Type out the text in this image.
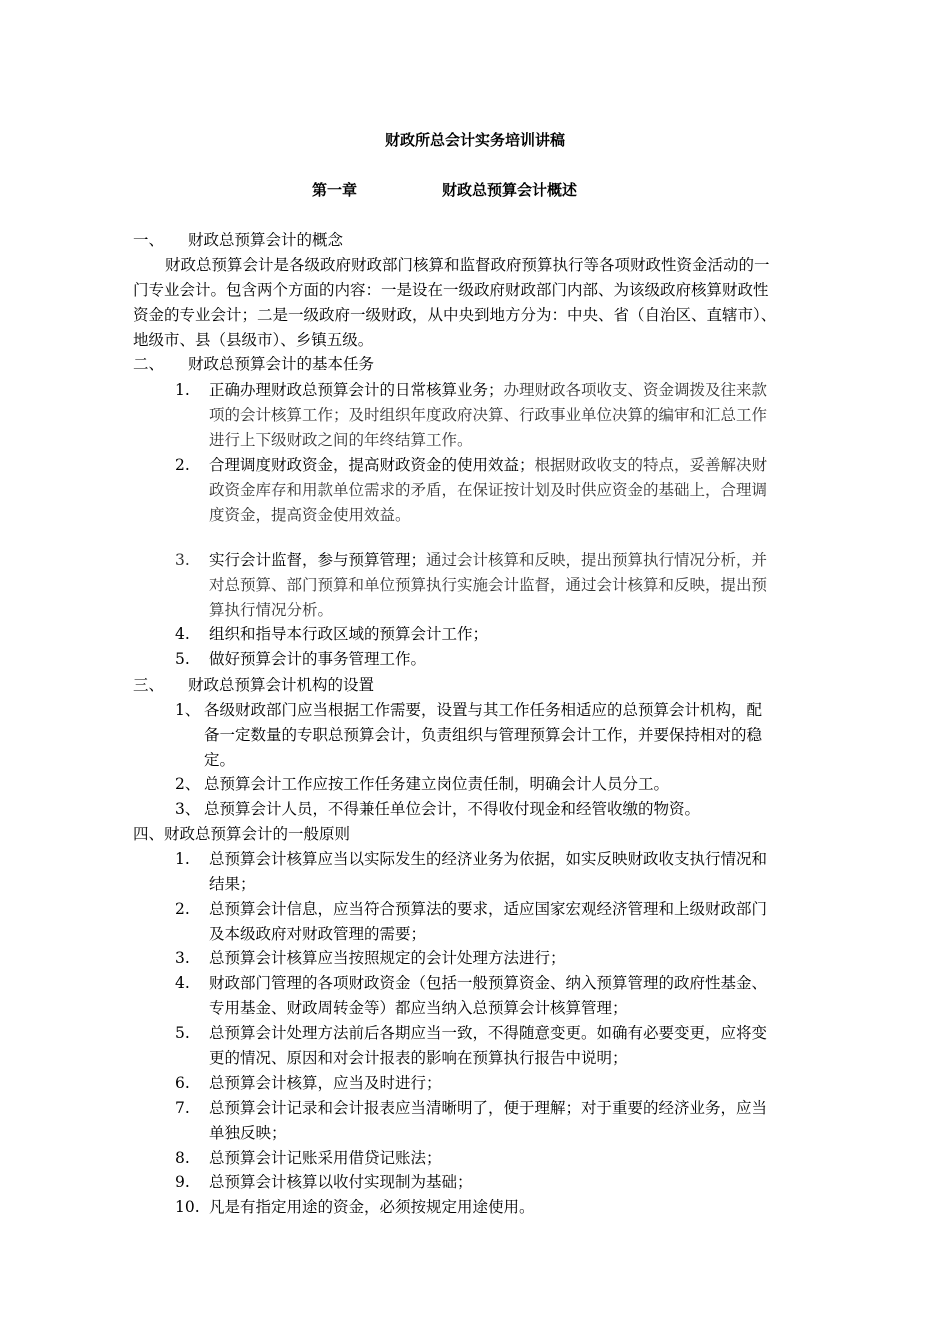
财政所总会计实务培训讲稿
第一章	财政总预算会计概述
一、 财政总预算会计的概念
财政总预算会计是各级政府财政部门核算和监督政府预算执行等各项财政性资金活动的一
门专业会计。包含两个方面的内容：一是设在一级政府财政部门内部、为该级政府核算财政性
资金的专业会计；二是一级政府一级财政，从中央到地方分为：中央、省（自治区、直辖市）、
地级市、县（县级市）、乡镇五级。
二、 财政总预算会计的基本任务
1. 正确办理财政总预算会计的日常核算业务；办理财政各项收支、资金调拨及往来款
项的会计核算工作；及时组织年度政府决算、行政事业单位决算的编审和汇总工作
进行上下级财政之间的年终结算工作。
2. 合理调度财政资金，提高财政资金的使用效益；根据财政收支的特点，妥善解决财
政资金库存和用款单位需求的矛盾，在保证按计划及时供应资金的基础上，合理调
度资金，提高资金使用效益。
3. 实行会计监督，参与预算管理；通过会计核算和反映，提出预算执行情况分析，并
对总预算、部门预算和单位预算执行实施会计监督，通过会计核算和反映，提出预
算执行情况分析。
4. 组织和指导本行政区域的预算会计工作；
5. 做好预算会计的事务管理工作。
三、 财政总预算会计机构的设置
1、 各级财政部门应当根据工作需要，设置与其工作任务相适应的总预算会计机构，配
备一定数量的专职总预算会计，负责组织与管理预算会计工作，并要保持相对的稳
定。
2、 总预算会计工作应按工作任务建立岗位责任制，明确会计人员分工。
3、 总预算会计人员，不得兼任单位会计，不得收付现金和经管收缴的物资。
四、财政总预算会计的一般原则
1. 总预算会计核算应当以实际发生的经济业务为依据，如实反映财政收支执行情况和
结果；
2. 总预算会计信息，应当符合预算法的要求，适应国家宏观经济管理和上级财政部门
及本级政府对财政管理的需要；
3. 总预算会计核算应当按照规定的会计处理方法进行；
4. 财政部门管理的各项财政资金（包括一般预算资金、纳入预算管理的政府性基金、
专用基金、财政周转金等）都应当纳入总预算会计核算管理；
5. 总预算会计处理方法前后各期应当一致，不得随意变更。如确有必要变更，应将变
更的情况、原因和对会计报表的影响在预算执行报告中说明；
6. 总预算会计核算，应当及时进行；
7. 总预算会计记录和会计报表应当清晰明了，便于理解；对于重要的经济业务，应当
单独反映；
8. 总预算会计记账采用借贷记账法；
9. 总预算会计核算以收付实现制为基础；
10. 凡是有指定用途的资金，必须按规定用途使用。
